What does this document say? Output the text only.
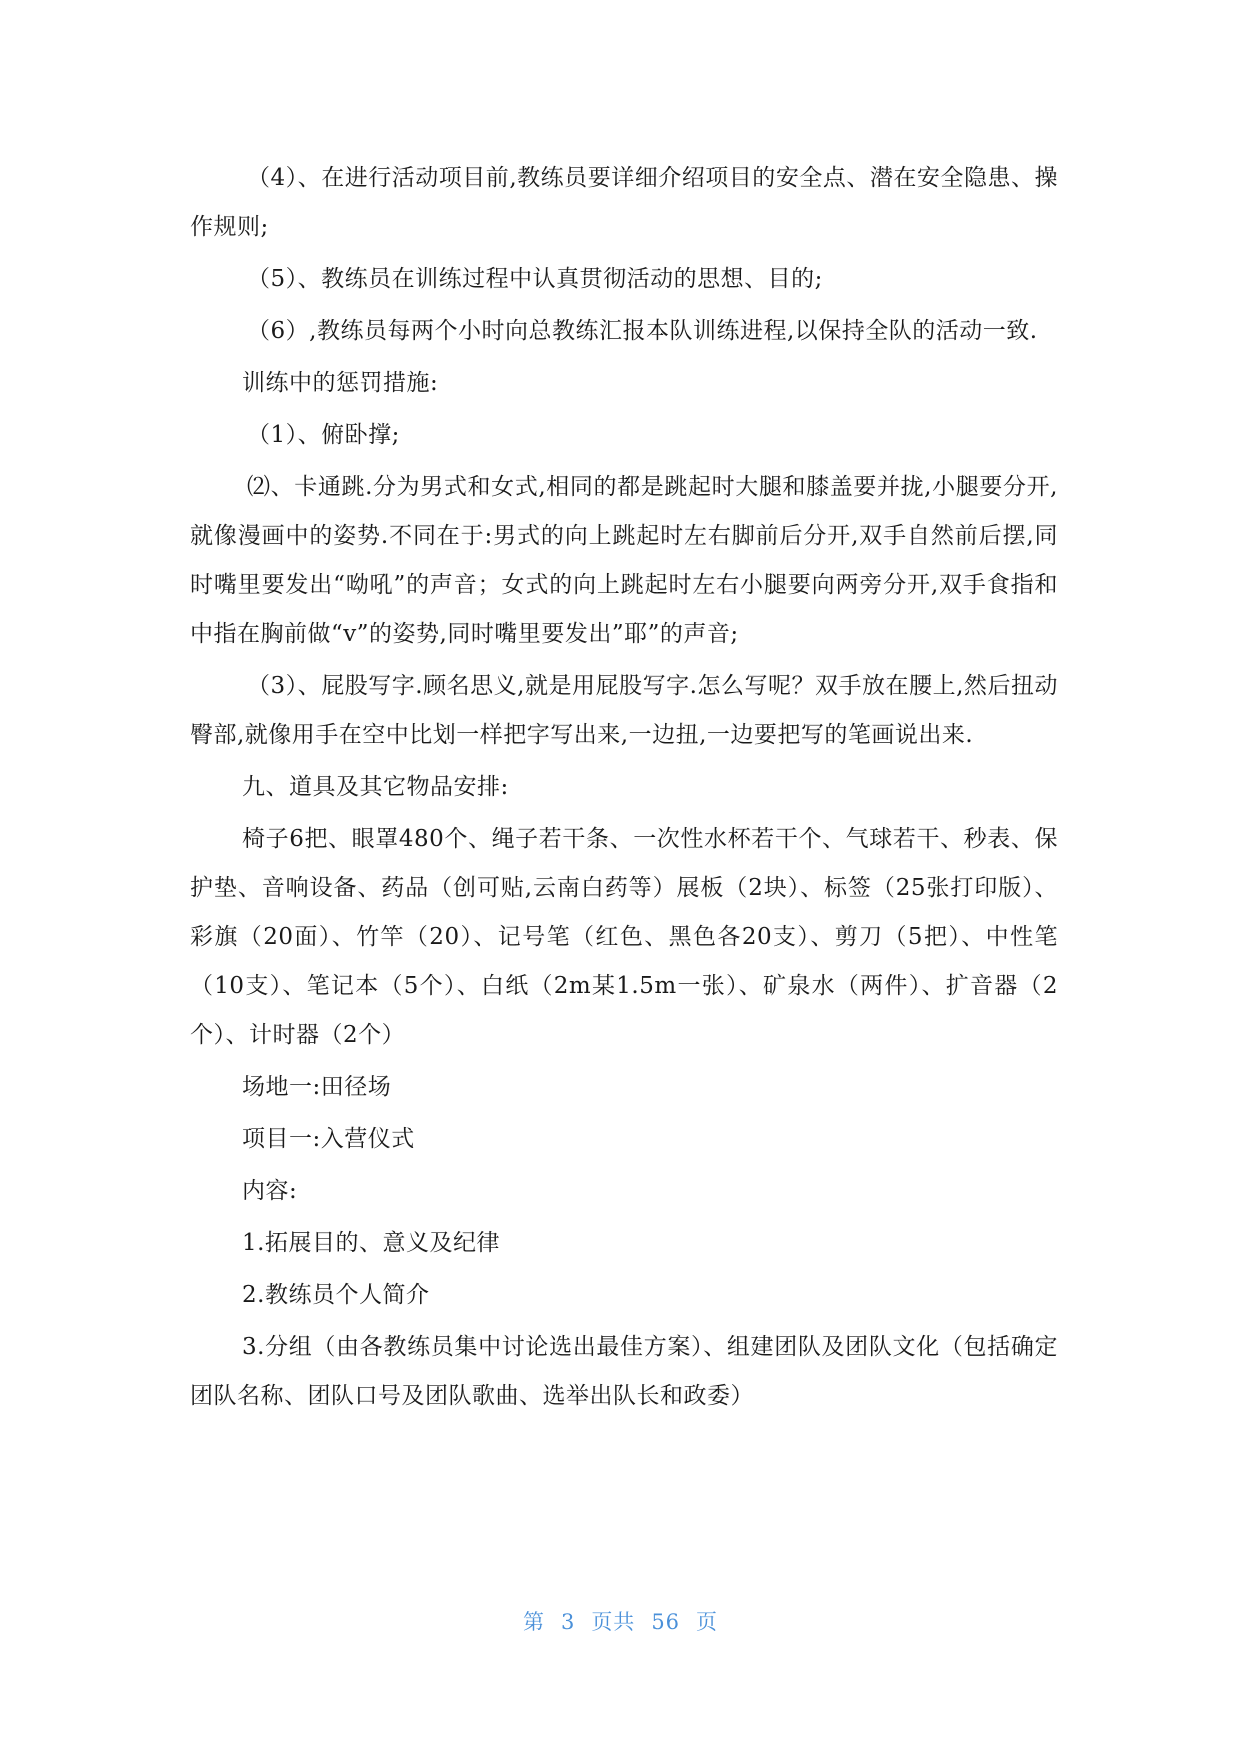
（4）、在进行活动项目前,教练员要详细介绍项目的安全点、潜在安全隐患、操作规则;

（5）、教练员在训练过程中认真贯彻活动的思想、目的;

（6）,教练员每两个小时向总教练汇报本队训练进程,以保持全队的活动一致.

训练中的惩罚措施:

（1）、俯卧撑;

⑵、卡通跳.分为男式和女式,相同的都是跳起时大腿和膝盖要并拢,小腿要分开,就像漫画中的姿势.不同在于:男式的向上跳起时左右脚前后分开,双手自然前后摆,同时嘴里要发出“呦吼”的声音；女式的向上跳起时左右小腿要向两旁分开,双手食指和中指在胸前做“v”的姿势,同时嘴里要发出”耶”的声音;

（3）、屁股写字.顾名思义,就是用屁股写字.怎么写呢？双手放在腰上,然后扭动臀部,就像用手在空中比划一样把字写出来,一边扭,一边要把写的笔画说出来.

九、道具及其它物品安排:

椅子6把、眼罩480个、绳子若干条、一次性水杯若干个、气球若干、秒表、保护垫、音响设备、药品（创可贴,云南白药等）展板（2块）、标签（25张打印版）、彩旗（20面）、竹竿（20）、记号笔（红色、黑色各20支）、剪刀（5把）、中性笔（10支）、笔记本（5个）、白纸（2m某1.5m一张）、矿泉水（两件）、扩音器（2个）、计时器（2个）

场地一:田径场

项目一:入营仪式

内容:

1.拓展目的、意义及纪律

2.教练员个人简介

3.分组（由各教练员集中讨论选出最佳方案）、组建团队及团队文化（包括确定团队名称、团队口号及团队歌曲、选举出队长和政委）

第 3 页共 56 页
